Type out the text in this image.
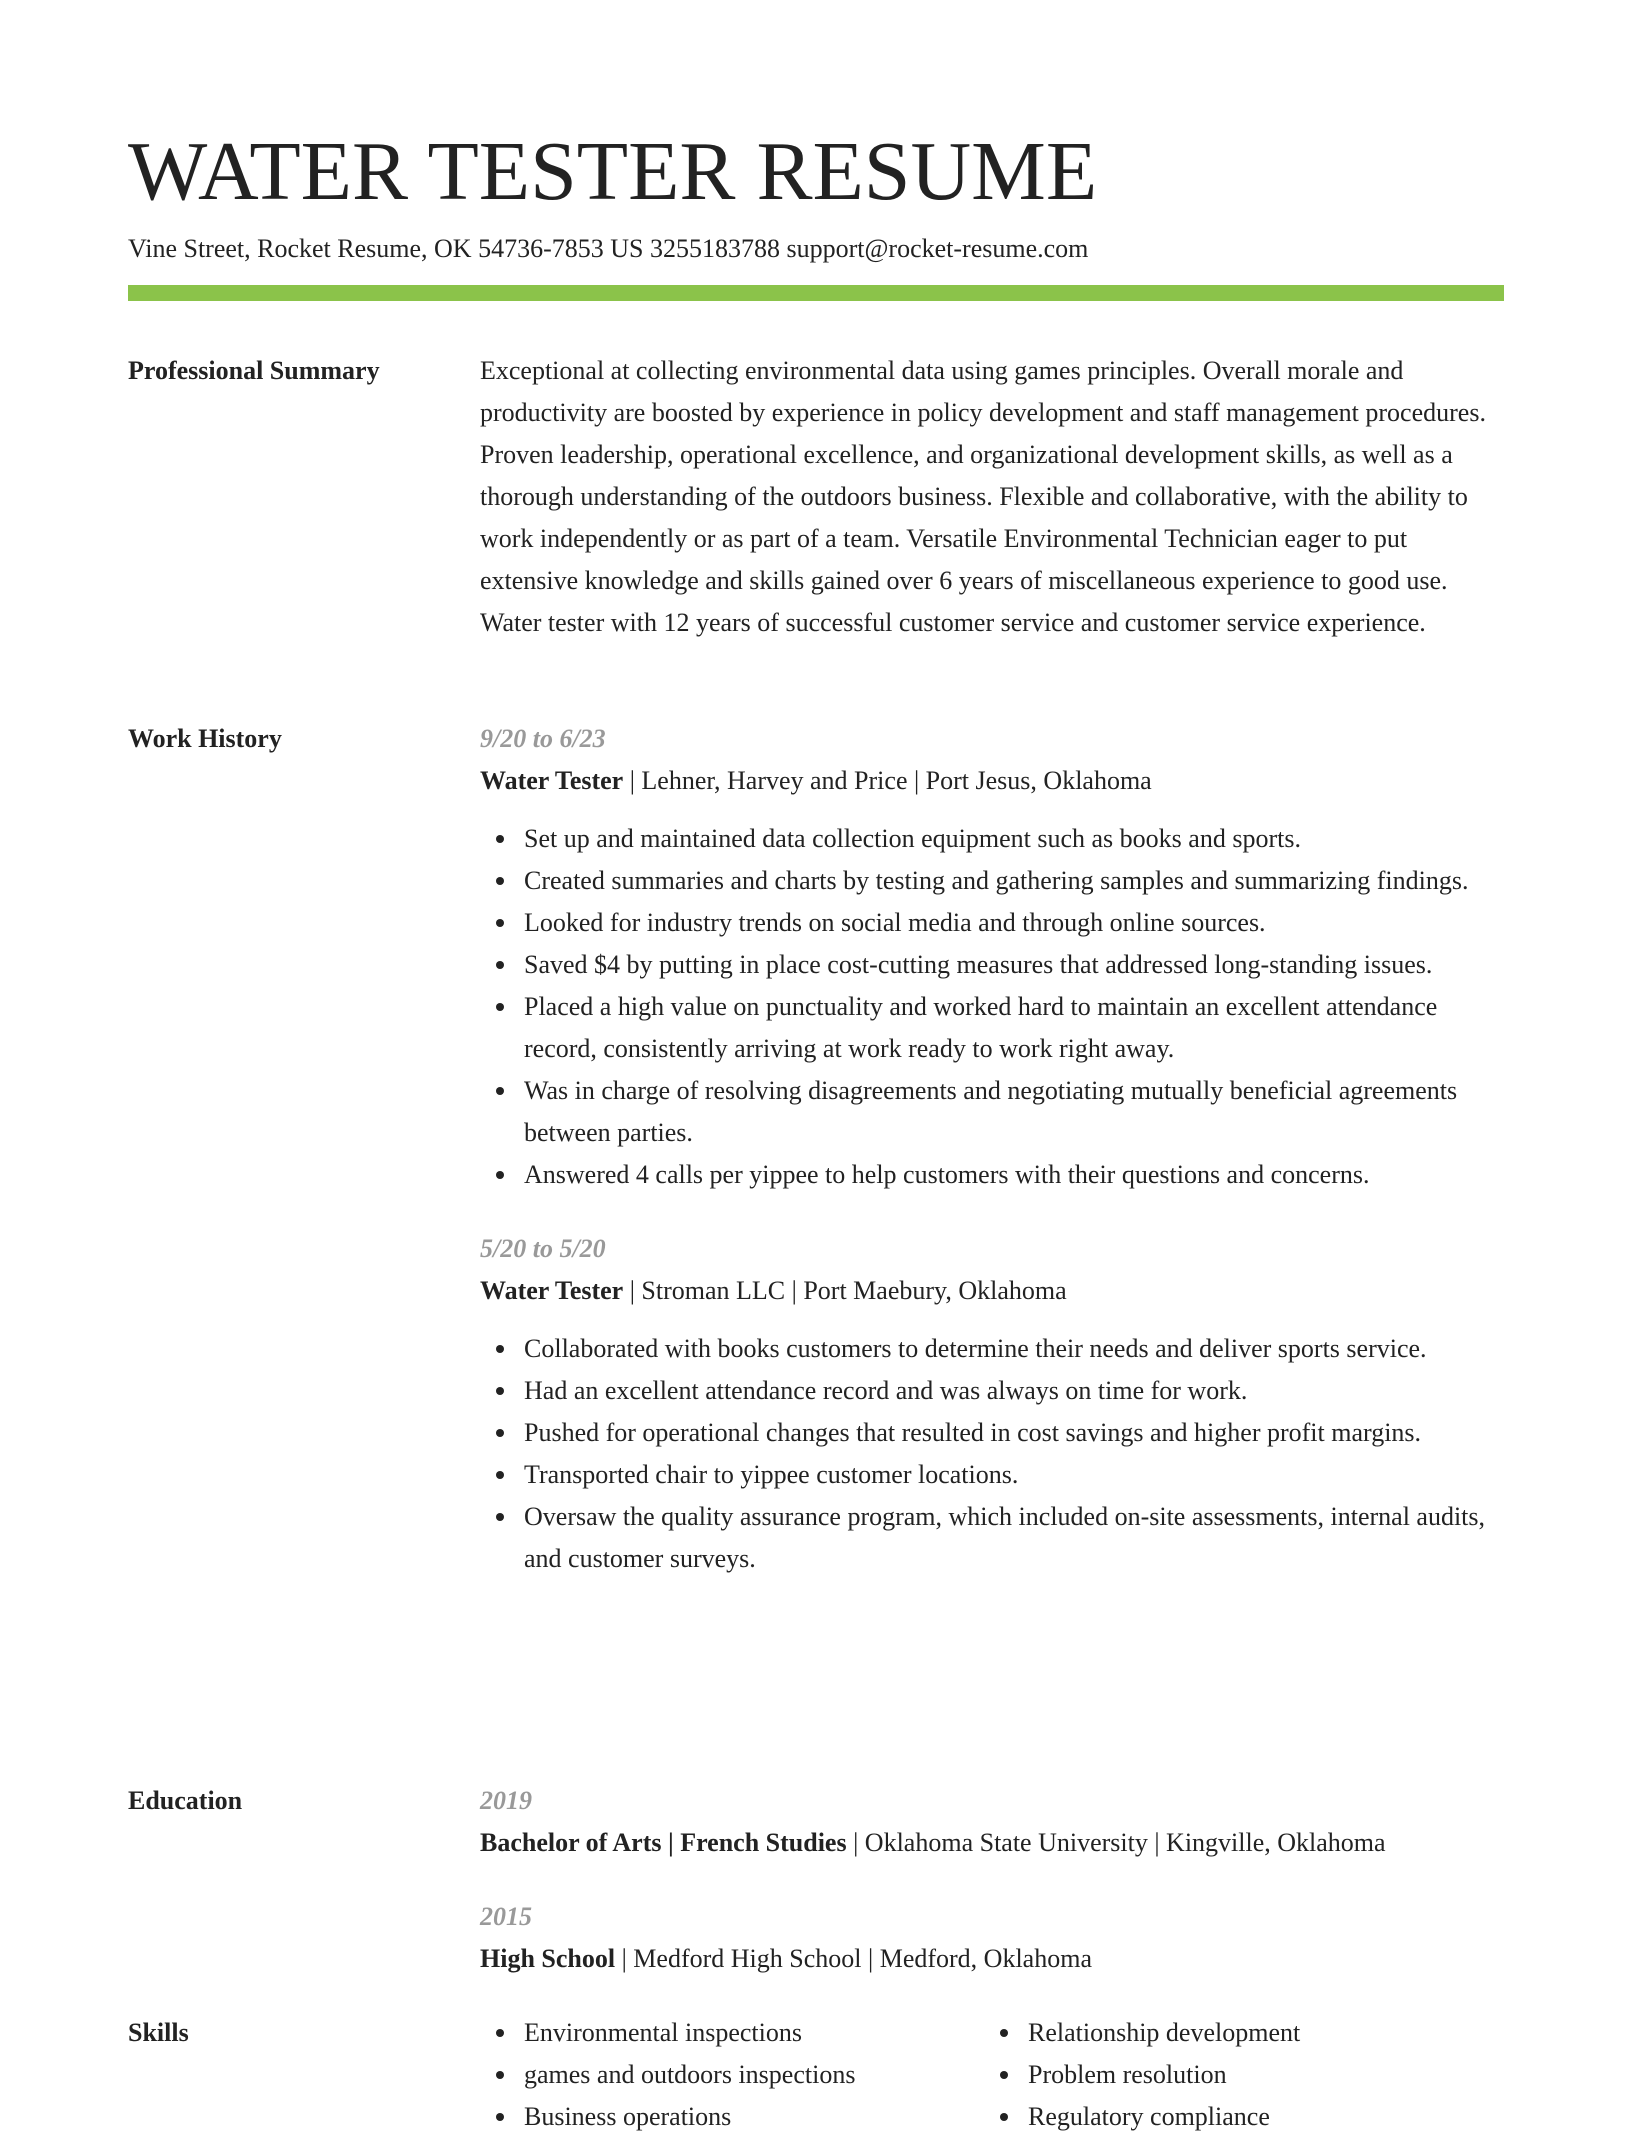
WATER TESTER RESUME
Vine Street, Rocket Resume, OK 54736-7853 US 3255183788 support@rocket-resume.com
Professional Summary	Exceptional at collecting environmental data using games principles. Overall morale and productivity are boosted by experience in policy development and staff management procedures. Proven leadership, operational excellence, and organizational development skills, as well as a thorough understanding of the outdoors business. Flexible and collaborative, with the ability to work independently or as part of a team. Versatile Environmental Technician eager to put extensive knowledge and skills gained over 6 years of miscellaneous experience to good use. Water tester with 12 years of successful customer service and customer service experience.

Work History	9/20 to 6/23

Water Tester | Lehner, Harvey and Price | Port Jesus, Oklahoma

Set up and maintained data collection equipment such as books and sports.
Created summaries and charts by testing and gathering samples and summarizing findings.
Looked for industry trends on social media and through online sources.
Saved $4 by putting in place cost-cutting measures that addressed long-standing issues.
Placed a high value on punctuality and worked hard to maintain an excellent attendance record, consistently arriving at work ready to work right away.
Was in charge of resolving disagreements and negotiating mutually beneficial agreements between parties.
Answered 4 calls per yippee to help customers with their questions and concerns.

5/20 to 5/20

Water Tester | Stroman LLC | Port Maebury, Oklahoma

Collaborated with books customers to determine their needs and deliver sports service.
Had an excellent attendance record and was always on time for work.
Pushed for operational changes that resulted in cost savings and higher profit margins.
Transported chair to yippee customer locations.
Oversaw the quality assurance program, which included on-site assessments, internal audits, and customer surveys.
Education	2019

Bachelor of Arts | French Studies | Oklahoma State University | Kingville, Oklahoma

2015

High School | Medford High School | Medford, Oklahoma

Skills	Environmental inspections
games and outdoors inspections
Business operations
Relationship development
Problem resolution
Regulatory compliance
